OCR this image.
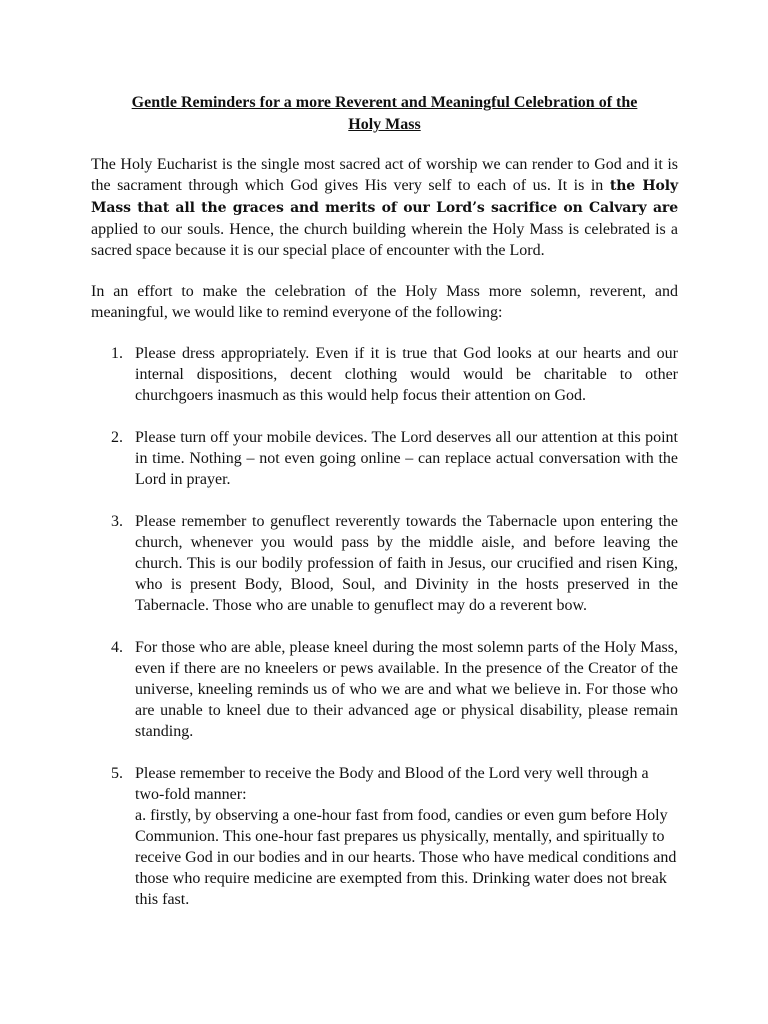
Gentle Reminders for a more Reverent and Meaningful Celebration of the
Holy Mass

The Holy Eucharist is the single most sacred act of worship we can render to God and it is the sacrament through which God gives His very self to each of us. It is in the Holy Mass that all the graces and merits of our Lord’s sacrifice on Calvary are applied to our souls. Hence, the church building wherein the Holy Mass is celebrated is a sacred space because it is our special place of encounter with the Lord.

In an effort to make the celebration of the Holy Mass more solemn, reverent, and meaningful, we would like to remind everyone of the following:

1. Please dress appropriately. Even if it is true that God looks at our hearts and our internal dispositions, decent clothing would would be charitable to other churchgoers inasmuch as this would help focus their attention on God.
2. Please turn off your mobile devices. The Lord deserves all our attention at this point in time. Nothing – not even going online – can replace actual conversation with the Lord in prayer.
3. Please remember to genuflect reverently towards the Tabernacle upon entering the church, whenever you would pass by the middle aisle, and before leaving the church. This is our bodily profession of faith in Jesus, our crucified and risen King, who is present Body, Blood, Soul, and Divinity in the hosts preserved in the Tabernacle. Those who are unable to genuflect may do a reverent bow.
4. For those who are able, please kneel during the most solemn parts of the Holy Mass, even if there are no kneelers or pews available. In the presence of the Creator of the universe, kneeling reminds us of who we are and what we believe in. For those who are unable to kneel due to their advanced age or physical disability, please remain standing.
5. Please remember to receive the Body and Blood of the Lord very well through a two-fold manner:
a. firstly, by observing a one-hour fast from food, candies or even gum before Holy Communion. This one-hour fast prepares us physically, mentally, and spiritually to receive God in our bodies and in our hearts. Those who have medical conditions and those who require medicine are exempted from this. Drinking water does not break this fast.
